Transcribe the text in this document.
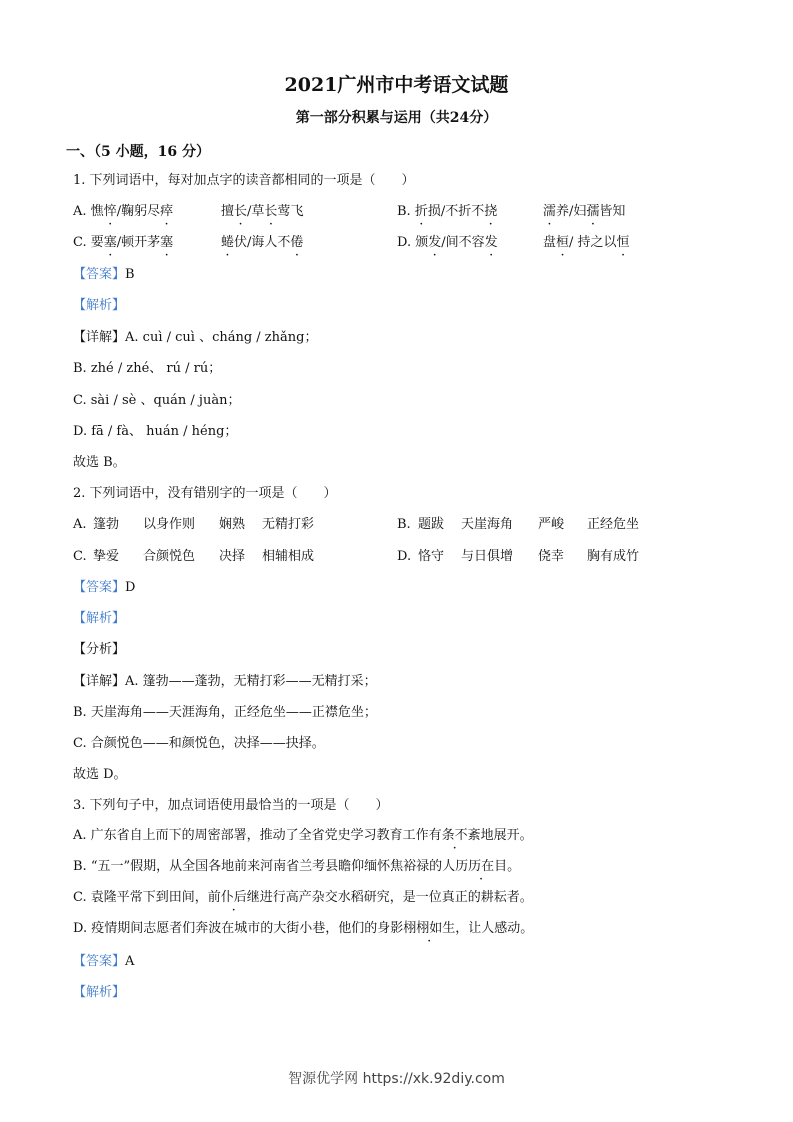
2021广州市中考语文试题
第一部分积累与运用（共24分）
一、（5 小题，16 分）
1. 下列词语中，每对加点字的读音都相同的一项是（　　）
A. 憔悴/鞠躬尽瘁	擅长/草长莺飞	B. 折损/不折不挠	濡养/妇孺皆知
C. 要塞/顿开茅塞	蜷伏/诲人不倦	D. 颁发/间不容发	盘桓/ 持之以恒
【答案】B
【解析】
【详解】A. cuì / cuì 、cháng / zhǎng；
B. zhé / zhé、 rú / rú；
C. sài / sè 、quán / juàn；
D. fā / fà、 huán / héng；
故选 B。
2. 下列词语中，没有错别字的一项是（　　）
A. 篷勃 以身作则 娴熟 无精打彩	B. 题跋 天崖海角 严峻 正经危坐
C. 挚爱 合颜悦色 决择 相辅相成	D. 恪守 与日俱增 侥幸 胸有成竹
【答案】D
【解析】
【分析】
【详解】A. 篷勃——蓬勃，无精打彩——无精打采；
B. 天崖海角——天涯海角，正经危坐——正襟危坐；
C. 合颜悦色——和颜悦色，决择——抉择。
故选 D。
3. 下列句子中，加点词语使用最恰当的一项是（　　）
A. 广东省自上而下的周密部署，推动了全省党史学习教育工作有条不紊地展开。
B. “五一”假期，从全国各地前来河南省兰考县瞻仰缅怀焦裕禄的人历历在目。
C. 袁隆平常下到田间，前仆后继进行高产杂交水稻研究，是一位真正的耕耘者。
D. 疫情期间志愿者们奔波在城市的大街小巷，他们的身影栩栩如生，让人感动。
【答案】A
【解析】
智源优学网 https://xk.92diy.com
